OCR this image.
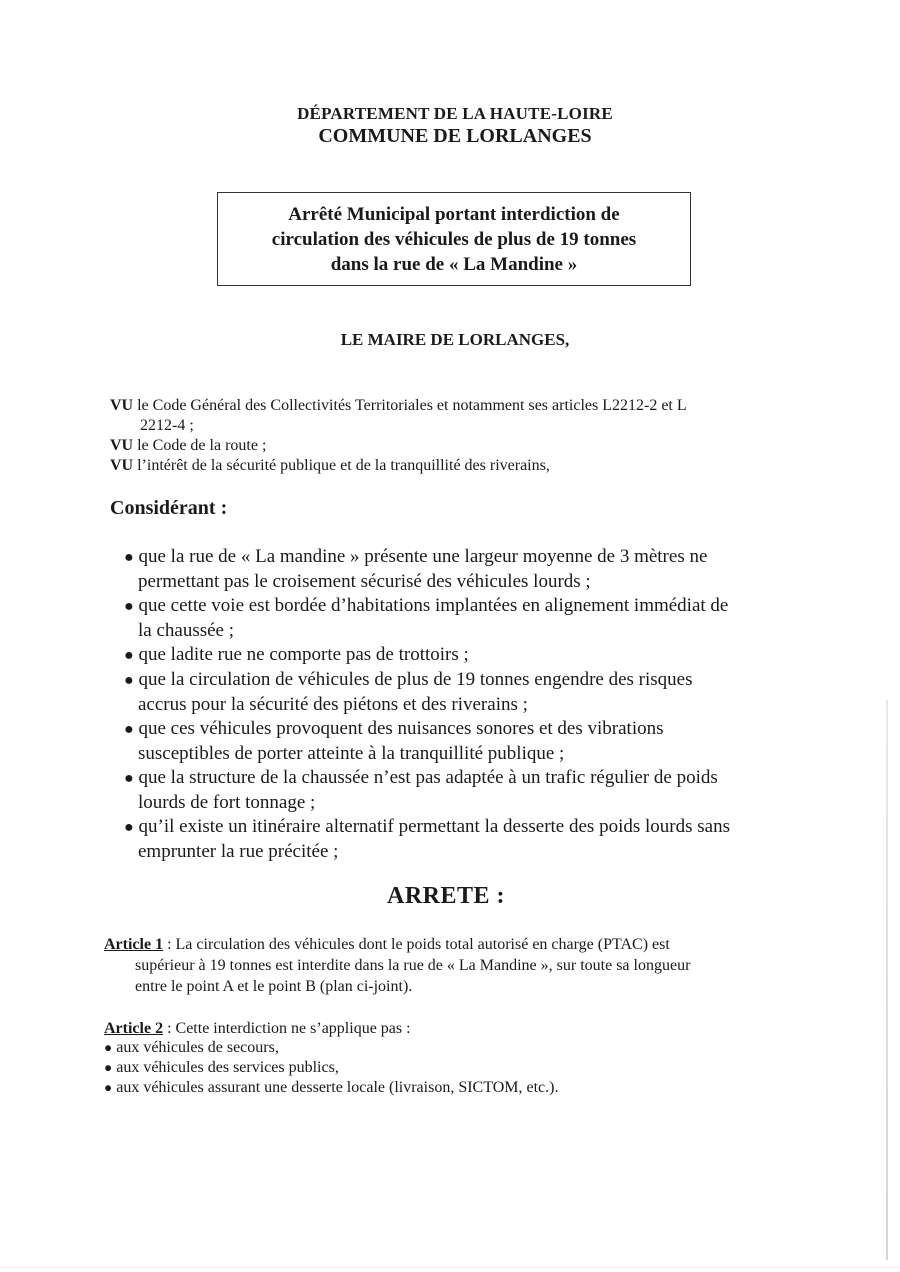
DÉPARTEMENT DE LA HAUTE-LOIRE
COMMUNE DE LORLANGES
Arrêté Municipal portant interdiction de
circulation des véhicules de plus de 19 tonnes
dans la rue de « La Mandine »
LE MAIRE DE LORLANGES,
VU le Code Général des Collectivités Territoriales et notamment ses articles L2212-2 et L
2212-4 ;
VU le Code de la route ;
VU l’intérêt de la sécurité publique et de la tranquillité des riverains,
Considérant :
● que la rue de « La mandine » présente une largeur moyenne de 3 mètres ne
permettant pas le croisement sécurisé des véhicules lourds ;
● que cette voie est bordée d’habitations implantées en alignement immédiat de
la chaussée ;
● que ladite rue ne comporte pas de trottoirs ;
● que la circulation de véhicules de plus de 19 tonnes engendre des risques
accrus pour la sécurité des piétons et des riverains ;
● que ces véhicules provoquent des nuisances sonores et des vibrations
susceptibles de porter atteinte à la tranquillité publique ;
● que la structure de la chaussée n’est pas adaptée à un trafic régulier de poids
lourds de fort tonnage ;
● qu’il existe un itinéraire alternatif permettant la desserte des poids lourds sans
emprunter la rue précitée ;
ARRETE :
Article 1 : La circulation des véhicules dont le poids total autorisé en charge (PTAC) est
supérieur à 19 tonnes est interdite dans la rue de « La Mandine », sur toute sa longueur
entre le point A et le point B (plan ci-joint).
Article 2 : Cette interdiction ne s’applique pas :
● aux véhicules de secours,
● aux véhicules des services publics,
● aux véhicules assurant une desserte locale (livraison, SICTOM, etc.).
